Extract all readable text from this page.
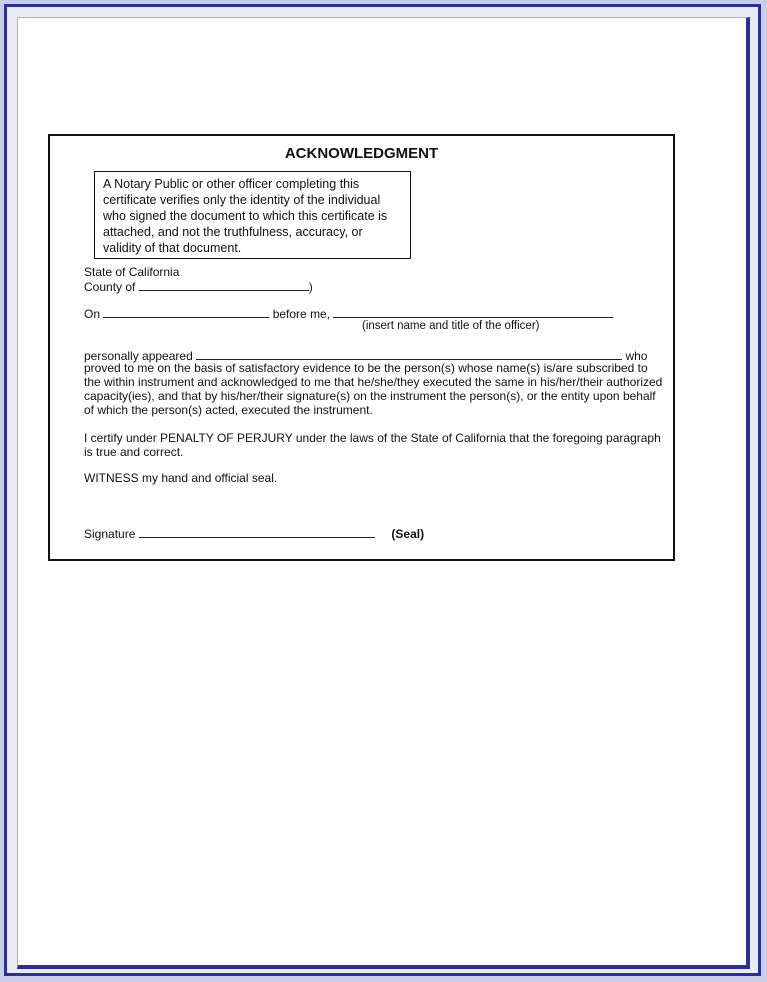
ACKNOWLEDGMENT
A Notary Public or other officer completing this certificate verifies only the identity of the individual who signed the document to which this certificate is attached, and not the truthfulness, accuracy, or validity of that document.
State of California
County of	)
On	before me,
(insert name and title of the officer)
personally appeared	who
proved to me on the basis of satisfactory evidence to be the person(s) whose name(s) is/are subscribed to the within instrument and acknowledged to me that he/she/they executed the same in his/her/their authorized capacity(ies), and that by his/her/their signature(s) on the instrument the person(s), or the entity upon behalf of which the person(s) acted, executed the instrument.
I certify under PENALTY OF PERJURY under the laws of the State of California that the foregoing paragraph is true and correct.
WITNESS my hand and official seal.
Signature	(Seal)
